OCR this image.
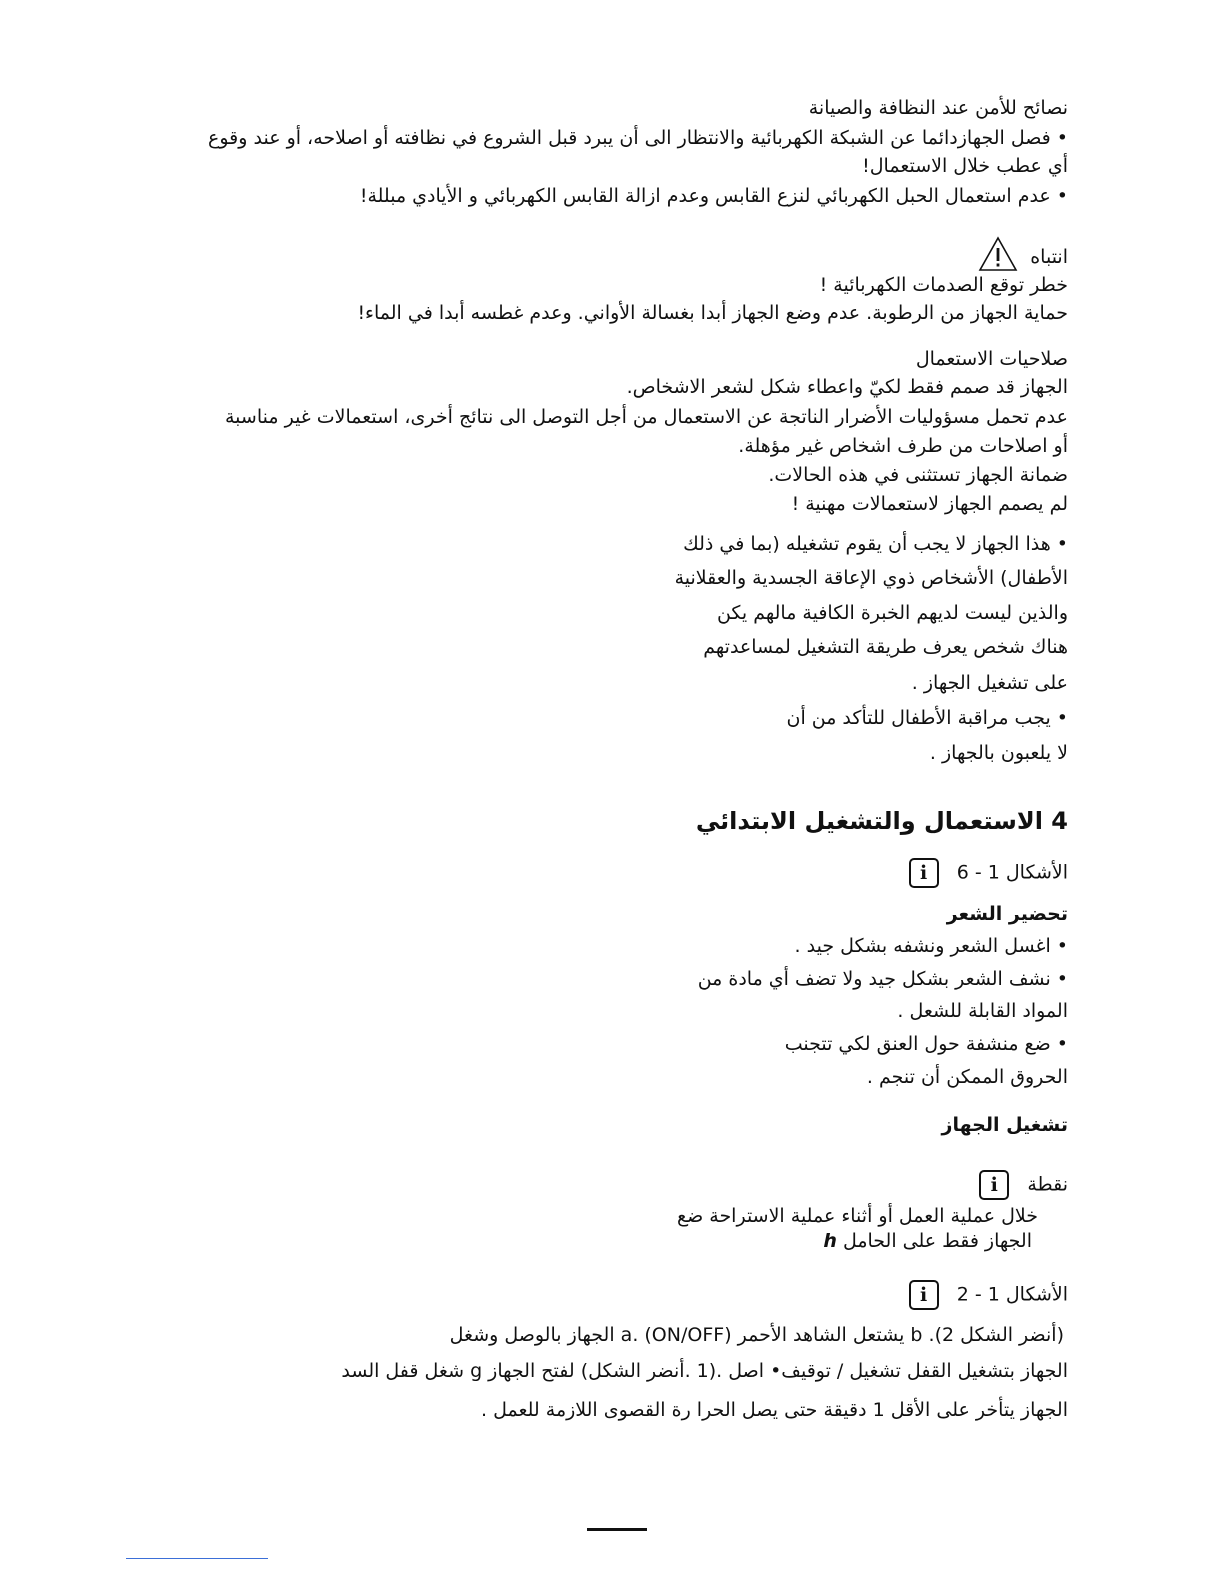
نصائح للأمن عند النظافة والصيانة

•فصل الجهازدائما عن الشبكة الكهربائية والانتظار الى أن يبرد قبل الشروع في نظافته أو اصلاحه، أو عند وقوع

أي عطب خلال الاستعمال!

•عدم استعمال الحبل الكهربائي لنزع القابس وعدم ازالة القابس الكهربائي و الأيادي مبللة!

انتباه

خطر توقع الصدمات الكهربائية !

حماية الجهاز من الرطوبة. عدم وضع الجهاز أبدا بغسالة الأواني. وعدم غطسه أبدا في الماء!

صلاحيات الاستعمال

الجهاز قد صمم فقط لكيّ واعطاء شكل لشعر الاشخاص.

عدم تحمل مسؤوليات الأضرار الناتجة عن الاستعمال من أجل التوصل الى نتائج أخرى، استعمالات غير مناسبة

أو اصلاحات من طرف اشخاص غير مؤهلة.

ضمانة الجهاز تستثنى في هذه الحالات.

لم يصمم الجهاز لاستعمالات مهنية !

•هذا الجهاز لا يجب أن يقوم تشغيله (بما في ذلك

الأطفال) الأشخاص ذوي الإعاقة الجسدية والعقلانية

والذين ليست لديهم الخبرة الكافية مالهم يكن

هناك شخص يعرف طريقة التشغيل لمساعدتهم

على تشغيل الجهاز .

•يجب مراقبة الأطفال للتأكد من أن

لا يلعبون بالجهاز .

4 الاستعمال والتشغيل الابتدائي

الأشكال 1 - 6 i

تحضير الشعر

•اغسل الشعر ونشفه بشكل جيد .

•نشف الشعر بشكل جيد ولا تضف أي مادة من

المواد القابلة للشعل .

•ضع منشفة حول العنق لكي تتجنب

الحروق الممكن أن تنجم .

تشغيل الجهاز

نقطة i

خلال عملية العمل أو أثناء عملية الاستراحة ضع

الجهاز فقط على الحامل h

الأشكال 1 - 2 i

(أنضر الشكل 2). b يشتعل الشاهد الأحمر a. (ON/OFF) الجهاز بالوصل وشغل

الجهاز بتشغيل القفل تشغيل / توقيف• اصل .(1 .أنضر الشكل) لفتح الجهاز g شغل قفل السد

الجهاز يتأخر على الأقل 1 دقيقة حتى يصل الحرا رة القصوى اللازمة للعمل .
